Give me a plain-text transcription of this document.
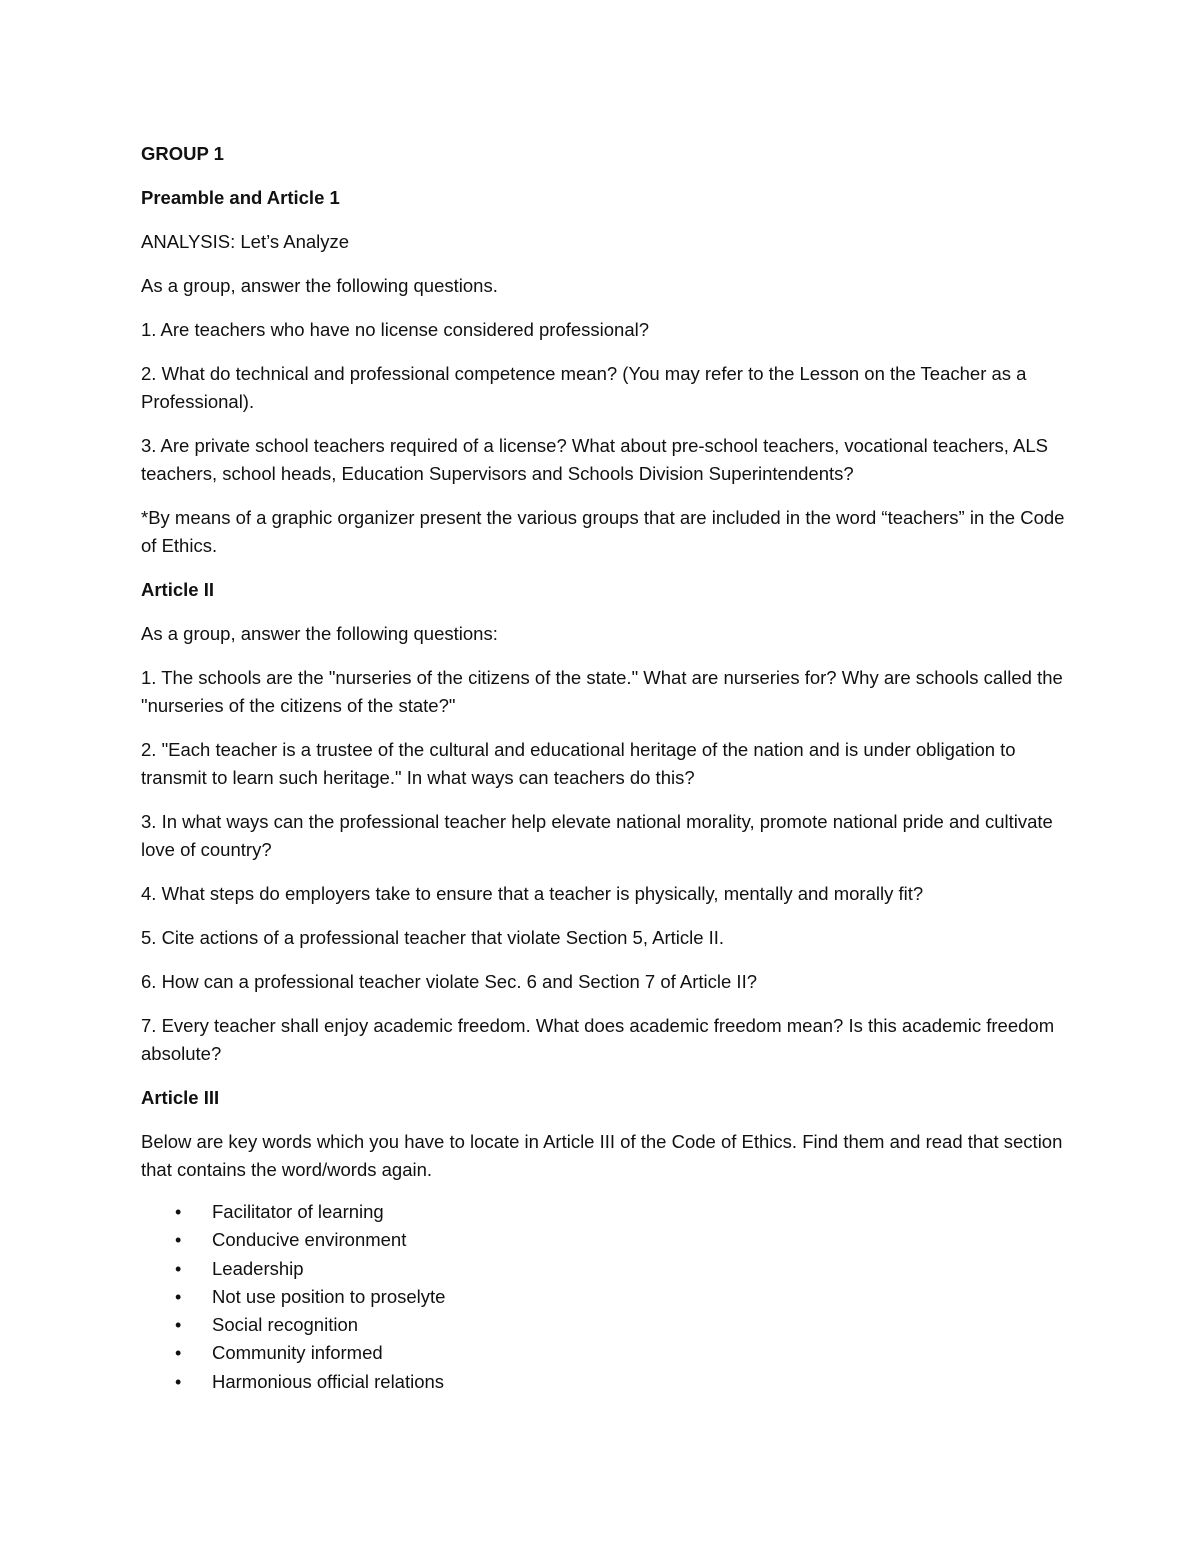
GROUP 1

Preamble and Article 1

ANALYSIS: Let’s Analyze

As a group, answer the following questions.

1. Are teachers who have no license considered professional?

2. What do technical and professional competence mean? (You may refer to the Lesson on the Teacher as a Professional).

3. Are private school teachers required of a license? What about pre-school teachers, vocational teachers, ALS teachers, school heads, Education Supervisors and Schools Division Superintendents?

*By means of a graphic organizer present the various groups that are included in the word “teachers” in the Code of Ethics.

Article II

As a group, answer the following questions:

1. The schools are the "nurseries of the citizens of the state." What are nurseries for? Why are schools called the "nurseries of the citizens of the state?"

2. "Each teacher is a trustee of the cultural and educational heritage of the nation and is under obligation to transmit to learn such heritage." In what ways can teachers do this?

3. In what ways can the professional teacher help elevate national morality, promote national pride and cultivate love of country?

4. What steps do employers take to ensure that a teacher is physically, mentally and morally fit?

5. Cite actions of a professional teacher that violate Section 5, Article II.

6. How can a professional teacher violate Sec. 6 and Section 7 of Article II?

7. Every teacher shall enjoy academic freedom. What does academic freedom mean? Is this academic freedom absolute?

Article III

Below are key words which you have to locate in Article III of the Code of Ethics. Find them and read that section that contains the word/words again.

• Facilitator of learning
• Conducive environment
• Leadership
• Not use position to proselyte
• Social recognition
• Community informed
• Harmonious official relations
